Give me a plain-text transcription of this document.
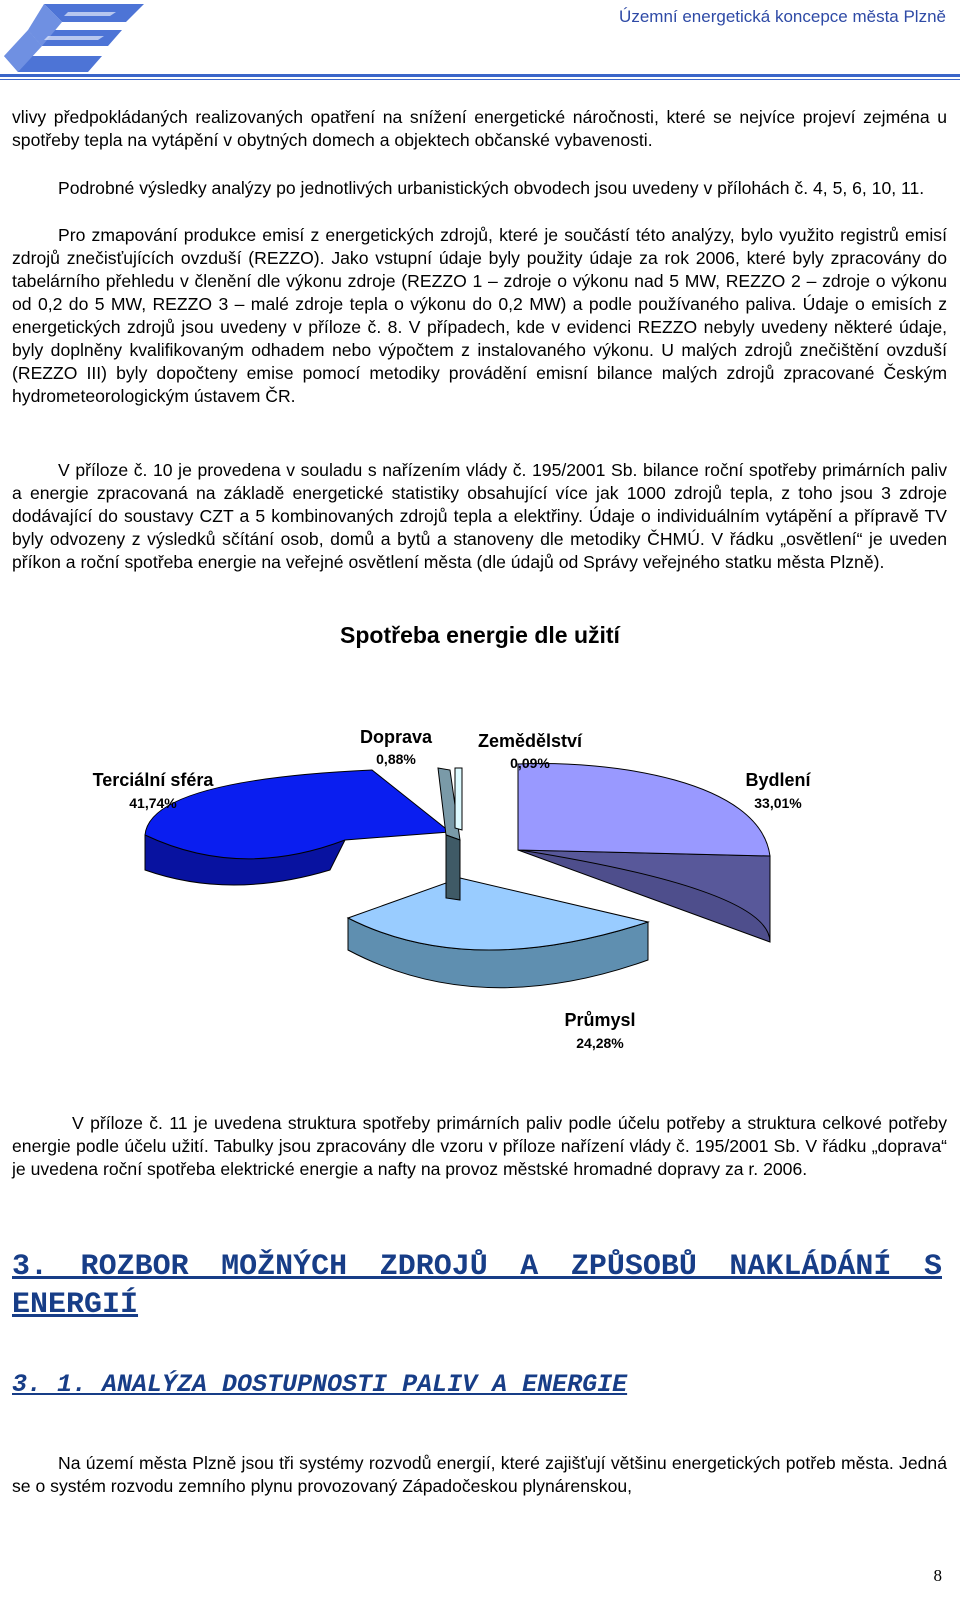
Územní energetická koncepce města Plzně
vlivy předpokládaných realizovaných opatření na snížení energetické náročnosti, které se nejvíce projeví zejména u spotřeby tepla na vytápění v obytných domech a objektech občanské vybavenosti.
Podrobné výsledky analýzy po jednotlivých urbanistických obvodech jsou uvedeny v přílohách č. 4, 5, 6, 10, 11.
Pro zmapování produkce emisí z energetických zdrojů, které je součástí této analýzy, bylo využito registrů emisí zdrojů znečisťujících ovzduší (REZZO). Jako vstupní údaje byly použity údaje za rok 2006, které byly zpracovány do tabelárního přehledu v členění dle výkonu zdroje (REZZO 1 – zdroje o výkonu nad 5 MW, REZZO 2 – zdroje o výkonu od 0,2 do 5 MW, REZZO 3 – malé zdroje tepla o výkonu do 0,2 MW) a podle používaného paliva. Údaje o emisích z energetických zdrojů jsou uvedeny v příloze č. 8. V případech, kde v evidenci REZZO nebyly uvedeny některé údaje, byly doplněny kvalifikovaným odhadem nebo výpočtem z instalovaného výkonu. U malých zdrojů znečištění ovzduší (REZZO III) byly dopočteny emise pomocí metodiky provádění emisní bilance malých zdrojů zpracované Českým hydrometeorologickým ústavem ČR.
V příloze č. 10 je provedena v souladu s nařízením vlády č. 195/2001 Sb. bilance roční spotřeby primárních paliv a energie zpracovaná na základě energetické statistiky obsahující více jak 1000 zdrojů tepla, z toho jsou 3 zdroje dodávající do soustavy CZT a 5 kombinovaných zdrojů tepla a elektřiny. Údaje o individuálním vytápění a přípravě TV byly odvozeny z výsledků sčítání osob, domů a bytů a stanoveny dle metodiky ČHMÚ. V řádku „osvětlení“ je uveden příkon a roční spotřeba energie na veřejné osvětlení města (dle údajů od Správy veřejného statku města Plzně).
Spotřeba energie dle užití
Doprava
0,88%
Zemědělství
0,09%
Terciální sféra
41,74%
Bydlení
33,01%
Průmysl
24,28%
V příloze č. 11 je uvedena struktura spotřeby primárních paliv podle účelu potřeby a struktura celkové potřeby energie podle účelu užití. Tabulky jsou zpracovány dle vzoru v příloze nařízení vlády č. 195/2001 Sb. V řádku „doprava“ je uvedena roční spotřeba elektrické energie a nafty na provoz městské hromadné dopravy za r. 2006.
3. ROZBOR MOŽNÝCH ZDROJŮ A ZPŮSOBŮ NAKLÁDÁNÍ S ENERGIÍ
3. 1. ANALÝZA DOSTUPNOSTI PALIV A ENERGIE
Na území města Plzně jsou tři systémy rozvodů energií, které zajišťují většinu energetických potřeb města. Jedná se o systém rozvodu zemního plynu provozovaný Západočeskou plynárenskou,
8
